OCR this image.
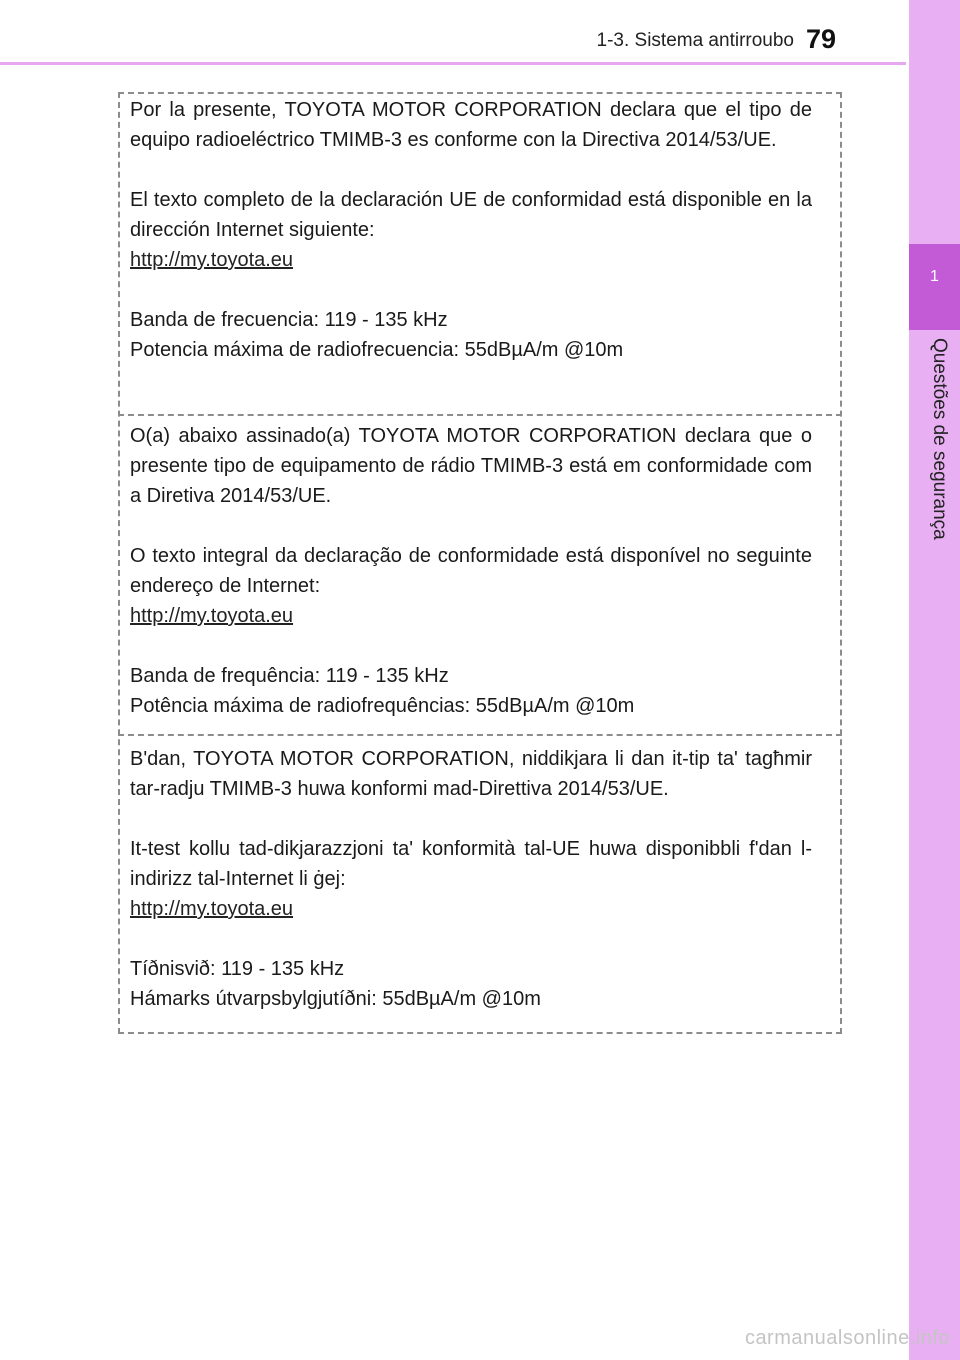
1-3. Sistema antirroubo 79
1
Questões de segurança

Por la presente, TOYOTA MOTOR CORPORATION declara que el tipo de equipo radioeléctrico TMIMB-3 es conforme con la Directiva 2014/53/UE.

El texto completo de la declaración UE de conformidad está disponible en la dirección Internet siguiente:

http://my.toyota.eu

Banda de frecuencia: 119 - 135 kHz

Potencia máxima de radiofrecuencia: 55dBµA/m @10m

O(a) abaixo assinado(a) TOYOTA MOTOR CORPORATION declara que o presente tipo de equipamento de rádio TMIMB-3 está em conformidade com a Diretiva 2014/53/UE.

O texto integral da declaração de conformidade está disponível no seguinte endereço de Internet:

http://my.toyota.eu

Banda de frequência: 119 - 135 kHz

Potência máxima de radiofrequências: 55dBµA/m @10m

B'dan, TOYOTA MOTOR CORPORATION, niddikjara li dan it-tip ta' tagħmir tar-radju TMIMB-3 huwa konformi mad-Direttiva 2014/53/UE.

It-test kollu tad-dikjarazzjoni ta' konformità tal-UE huwa disponibbli f'dan l-indirizz tal-Internet li ġej:

http://my.toyota.eu

Tíðnisvið: 119 - 135 kHz

Hámarks útvarpsbylgjutíðni: 55dBµA/m @10m

carmanualsonline.info
